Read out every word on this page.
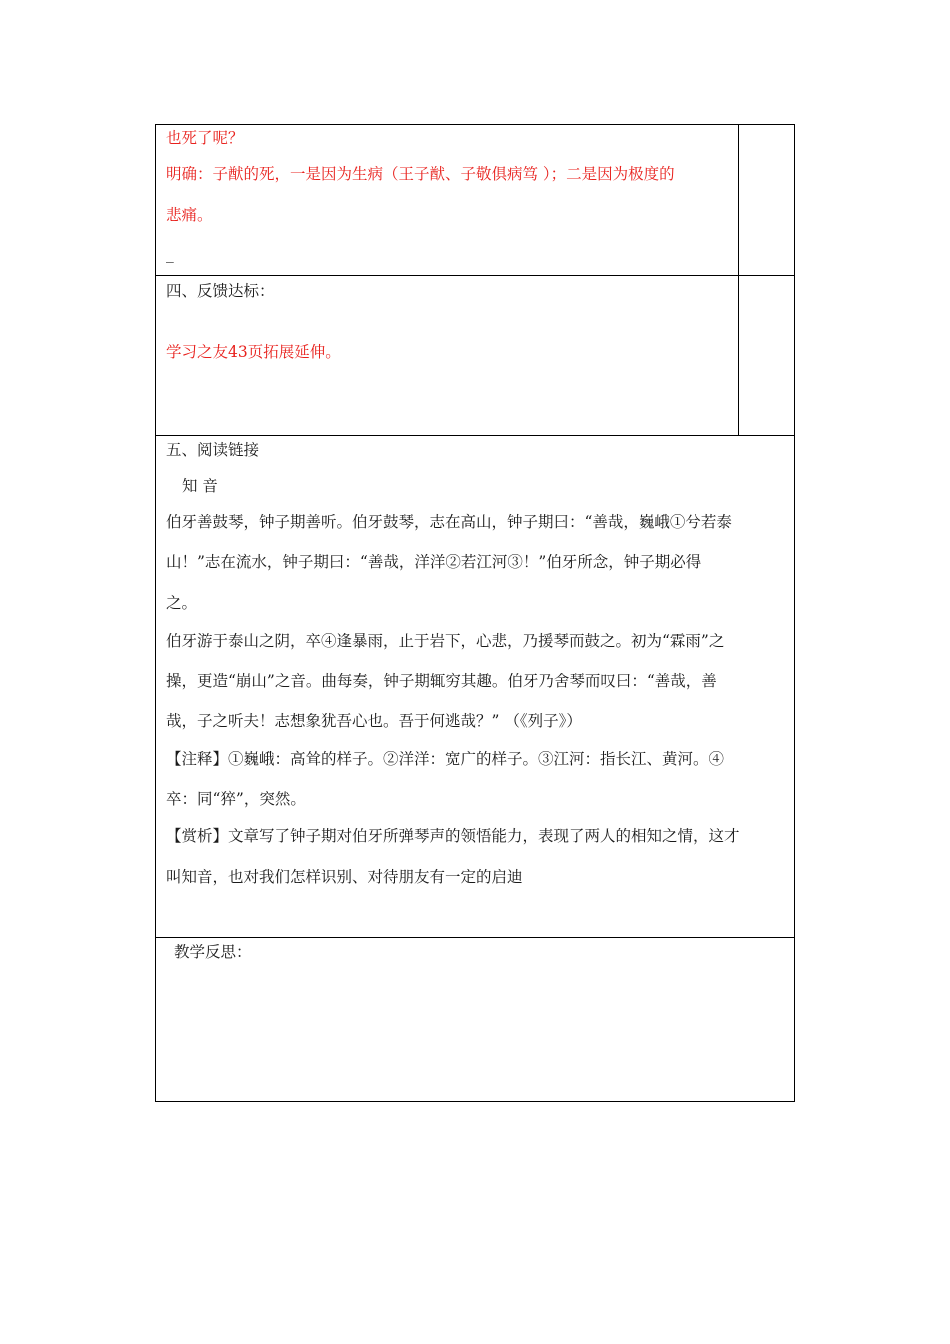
也死了呢？

明确：子猷的死，一是因为生病（王子猷、子敬俱病笃 ）；二是因为极度的

悲痛。

_

四、反馈达标：

学习之友43页拓展延伸。

五、阅读链接

知 音

伯牙善鼓琴，钟子期善听。伯牙鼓琴，志在高山，钟子期曰：“善哉，巍峨①兮若泰

山！”志在流水，钟子期曰：“善哉，洋洋②若江河③！”伯牙所念，钟子期必得

之。

伯牙游于泰山之阴，卒④逢暴雨，止于岩下，心悲，乃援琴而鼓之。初为“霖雨”之

操，更造“崩山”之音。曲每奏，钟子期辄穷其趣。伯牙乃舍琴而叹曰：“善哉，善

哉，子之听夫！志想象犹吾心也。吾于何逃哉？” （《列子》）

【注释】①巍峨：高耸的样子。②洋洋：宽广的样子。③江河：指长江、黄河。④

卒：同“猝”，突然。

【赏析】文章写了钟子期对伯牙所弹琴声的领悟能力，表现了两人的相知之情，这才

叫知音，也对我们怎样识别、对待朋友有一定的启迪

教学反思：
